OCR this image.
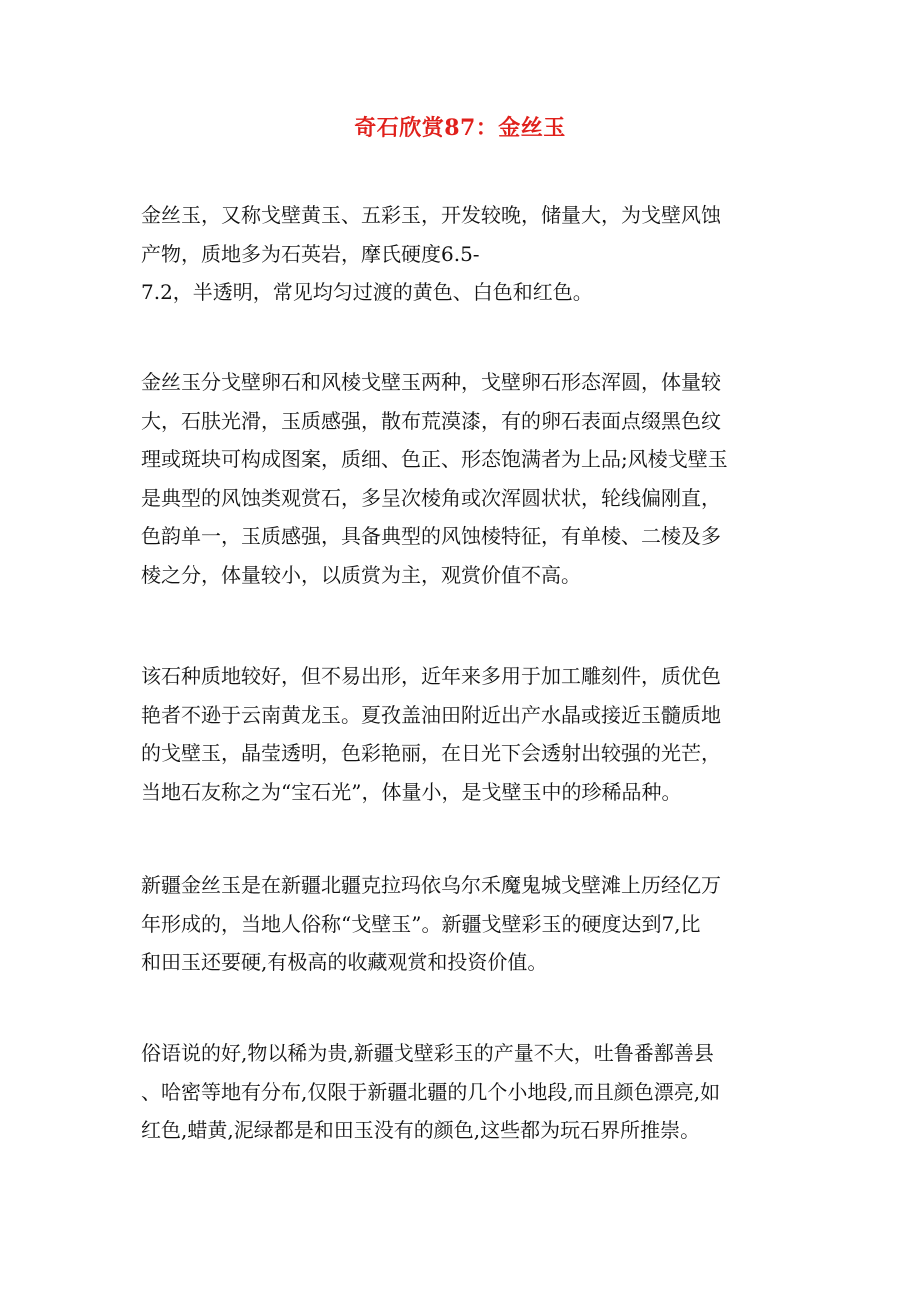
奇石欣赏87：金丝玉

金丝玉，又称戈壁黄玉、五彩玉，开发较晚，储量大，为戈壁风蚀
产物，质地多为石英岩，摩氏硬度6.5-
7.2，半透明，常见均匀过渡的黄色、白色和红色。

金丝玉分戈壁卵石和风棱戈壁玉两种，戈壁卵石形态浑圆，体量较
大，石肤光滑，玉质感强，散布荒漠漆，有的卵石表面点缀黑色纹
理或斑块可构成图案，质细、色正、形态饱满者为上品;风棱戈壁玉
是典型的风蚀类观赏石，多呈次棱角或次浑圆状状，轮线偏刚直，
色韵单一，玉质感强，具备典型的风蚀棱特征，有单棱、二棱及多
棱之分，体量较小，以质赏为主，观赏价值不高。

该石种质地较好，但不易出形，近年来多用于加工雕刻件，质优色
艳者不逊于云南黄龙玉。夏孜盖油田附近出产水晶或接近玉髓质地
的戈壁玉，晶莹透明，色彩艳丽，在日光下会透射出较强的光芒，
当地石友称之为“宝石光”，体量小，是戈壁玉中的珍稀品种。

新疆金丝玉是在新疆北疆克拉玛依乌尔禾魔鬼城戈壁滩上历经亿万
年形成的，当地人俗称“戈壁玉”。新疆戈壁彩玉的硬度达到7,比
和田玉还要硬,有极高的收藏观赏和投资价值。

俗语说的好,物以稀为贵,新疆戈壁彩玉的产量不大，吐鲁番鄯善县
、哈密等地有分布,仅限于新疆北疆的几个小地段,而且颜色漂亮,如
红色,蜡黄,泥绿都是和田玉没有的颜色,这些都为玩石界所推崇。
